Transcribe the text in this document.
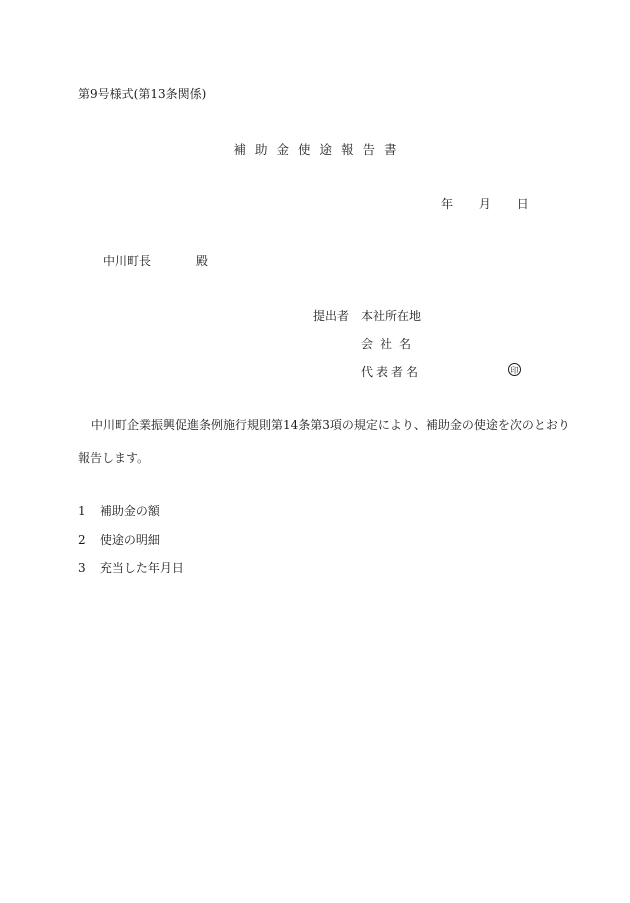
第9号様式(第13条関係)
補助金使途報告書
年 月 日
中川町長	殿
提出者 本社所在地
会社名
代表者名	印
中川町企業振興促進条例施行規則第14条第3項の規定により、補助金の使途を次のとおり
報告します。
1 補助金の額
2 使途の明細
3 充当した年月日
